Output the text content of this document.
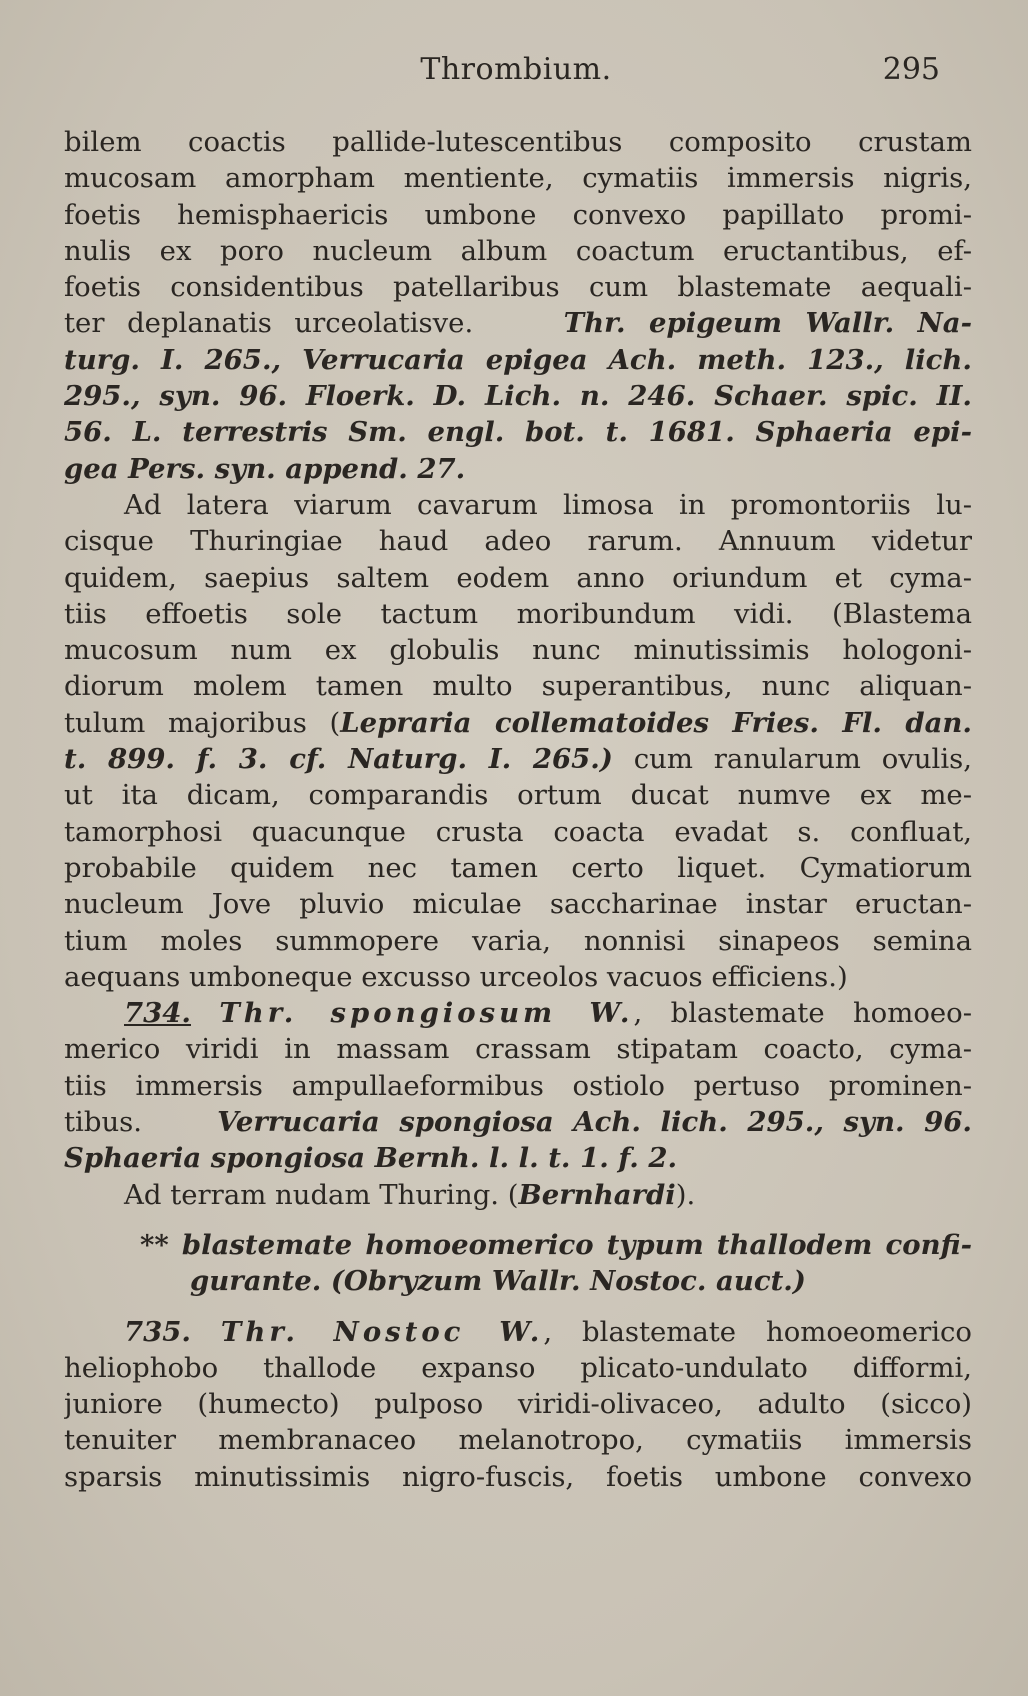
Thrombium.	295
bilem coactis pallide-lutescentibus composito crustam
mucosam amorpham mentiente, cymatiis immersis nigris,
foetis hemisphaericis umbone convexo papillato promi-
nulis ex poro nucleum album coactum eructantibus, ef-
foetis considentibus patellaribus cum blastemate aequali-
ter deplanatis urceolatisve.	Thr. epigeum Wallr. Na-
turg. I. 265., Verrucaria epigea Ach. meth. 123., lich.
295., syn. 96. Floerk. D. Lich. n. 246. Schaer. spic. II.
56. L. terrestris Sm. engl. bot. t. 1681. Sphaeria epi-
gea Pers. syn. append. 27.
Ad latera viarum cavarum limosa in promontoriis lu-
cisque Thuringiae haud adeo rarum. Annuum videtur
quidem, saepius saltem eodem anno oriundum et cyma-
tiis effoetis sole tactum moribundum vidi. (Blastema
mucosum num ex globulis nunc minutissimis hologoni-
diorum molem tamen multo superantibus, nunc aliquan-
tulum majoribus (Lepraria collematoides Fries. Fl. dan.
t. 899. f. 3. cf. Naturg. I. 265.) cum ranularum ovulis,
ut ita dicam, comparandis ortum ducat numve ex me-
tamorphosi quacunque crusta coacta evadat s. confluat,
probabile quidem nec tamen certo liquet. Cymatiorum
nucleum Jove pluvio miculae saccharinae instar eructan-
tium moles summopere varia, nonnisi sinapeos semina
aequans umboneque excusso urceolos vacuos efficiens.)
734. Thr. spongiosum W., blastemate homoeo-
merico viridi in massam crassam stipatam coacto, cyma-
tiis immersis ampullaeformibus ostiolo pertuso prominen-
tibus.	Verrucaria spongiosa Ach. lich. 295., syn. 96.
Sphaeria spongiosa Bernh. l. l. t. 1. f. 2.
Ad terram nudam Thuring. (Bernhardi).
** blastemate homoeomerico typum thallodem confi-
gurante. (Obryzum Wallr. Nostoc. auct.)
735. Thr. Nostoc W., blastemate homoeomerico
heliophobo thallode expanso plicato-undulato difformi,
juniore (humecto) pulposo viridi-olivaceo, adulto (sicco)
tenuiter membranaceo melanotropo, cymatiis immersis
sparsis minutissimis nigro-fuscis, foetis umbone convexo
